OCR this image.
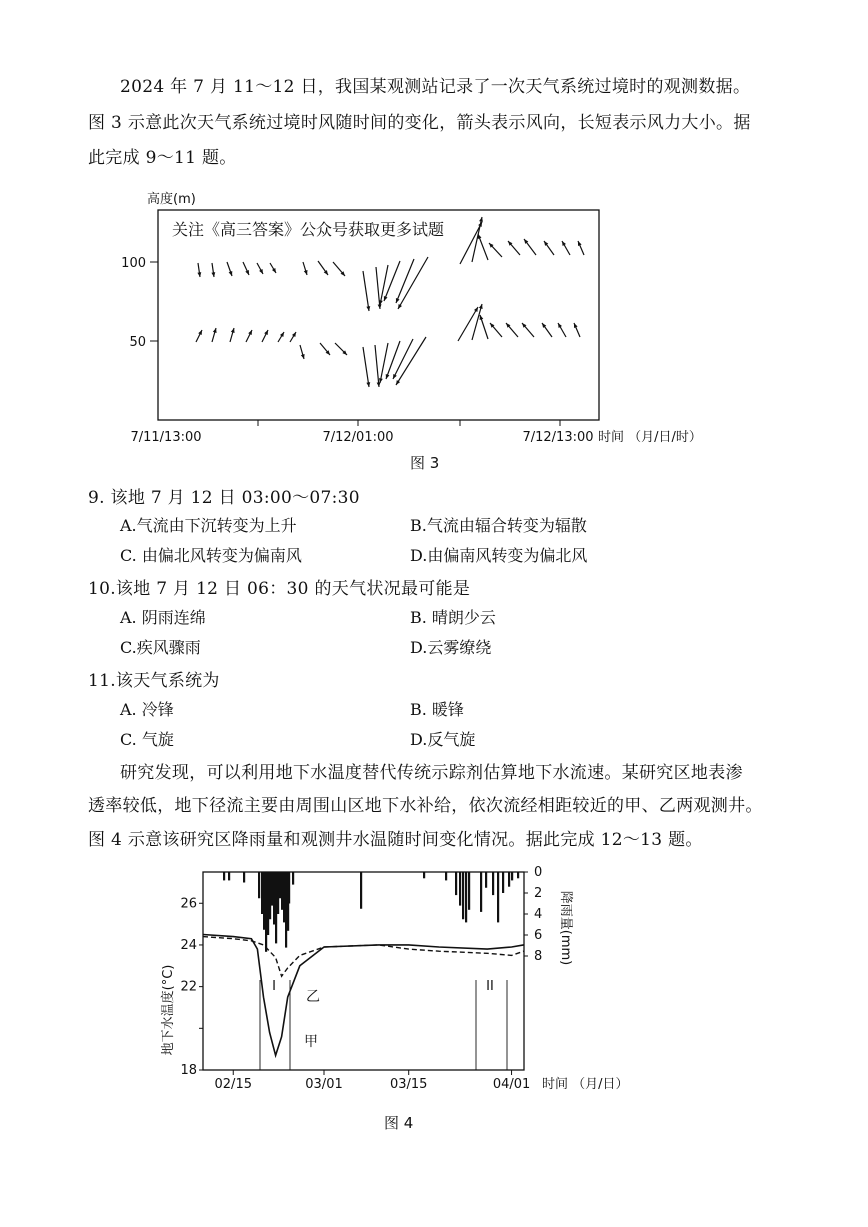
2024 年 7 月 11～12 日，我国某观测站记录了一次天气系统过境时的观测数据。
图 3 示意此次天气系统过境时风随时间的变化，箭头表示风向，长短表示风力大小。据
此完成 9～11 题。
高度(m)
关注《高三答案》公众号获取更多试题
100
50
7/11/13:00	7/12/01:00	7/12/13:00 时间 （月/日/时）
图 3
9. 该地 7 月 12 日 03:00～07:30
A.气流由下沉转变为上升	B.气流由辐合转变为辐散
C. 由偏北风转变为偏南风	D.由偏南风转变为偏北风
10.该地 7 月 12 日 06：30 的天气状况最可能是
A. 阴雨连绵	B. 晴朗少云
C.疾风骤雨	D.云雾缭绕
11.该天气系统为
A. 冷锋	B. 暖锋
C. 气旋	D.反气旋
研究发现，可以利用地下水温度替代传统示踪剂估算地下水流速。某研究区地表渗
透率较低，地下径流主要由周围山区地下水补给，依次流经相距较近的甲、乙两观测井。
图 4 示意该研究区降雨量和观测井水温随时间变化情况。据此完成 12～13 题。
I	II
乙
甲
地下水温度(°C)
降雨量(mm)
时间 （月/日）
02/15	03/01	03/15	04/01
26
24
22
18
0
2
4
6
8
图 4
